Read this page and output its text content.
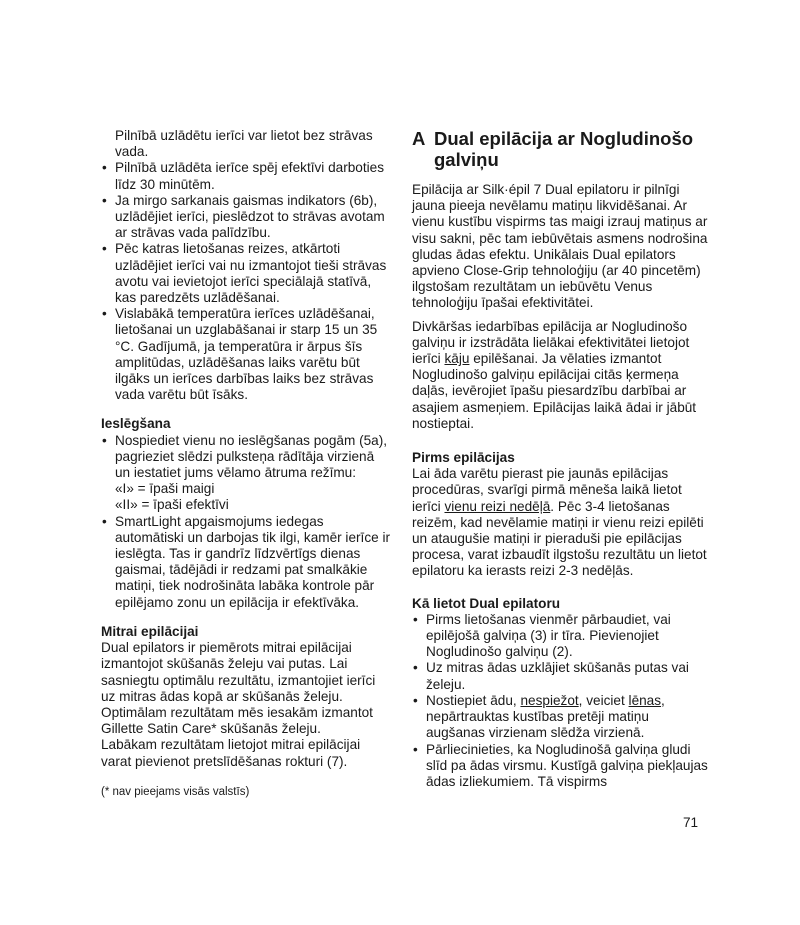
Pilnībā uzlādētu ierīci var lietot bez strāvas vada.

• Pilnībā uzlādēta ierīce spēj efektīvi darboties līdz 30 minūtēm.
• Ja mirgo sarkanais gaismas indikators (6b), uzlādējiet ierīci, pieslēdzot to strāvas avotam ar strāvas vada palīdzību.
• Pēc katras lietošanas reizes, atkārtoti uzlādējiet ierīci vai nu izmantojot tieši strāvas avotu vai ievietojot ierīci speciālajā statīvā, kas paredzēts uzlādēšanai.
• Vislabākā temperatūra ierīces uzlādēšanai, lietošanai un uzglabāšanai ir starp 15 un 35 °C. Gadījumā, ja temperatūra ir ārpus šīs amplitūdas, uzlādēšanas laiks varētu būt ilgāks un ierīces darbības laiks bez strāvas vada varētu būt īsāks.

Ieslēgšana

• Nospiediet vienu no ieslēgšanas pogām (5a), pagrieziet slēdzi pulksteņa rādītāja virzienā un iestatiet jums vēlamo ātruma režīmu:
«I» = īpaši maigi
«II» = īpaši efektīvi
• SmartLight apgaismojums iedegas automātiski un darbojas tik ilgi, kamēr ierīce ir ieslēgta. Tas ir gandrīz līdzvērtīgs dienas gaismai, tādējādi ir redzami pat smalkākie matiņi, tiek nodrošināta labāka kontrole pār epilējamo zonu un epilācija ir efektīvāka.

Mitrai epilācijai

Dual epilators ir piemērots mitrai epilācijai izmantojot skūšanās želeju vai putas. Lai sasniegtu optimālu rezultātu, izmantojiet ierīci uz mitras ādas kopā ar skūšanās želeju. Optimālam rezultātam mēs iesakām izmantot Gillette Satin Care* skūšanās želeju.

Labākam rezultātam lietojot mitrai epilācijai varat pievienot pretslīdēšanas rokturi (7).

(* nav pieejams visās valstīs)

A Dual epilācija ar Nogludinošo
galviņu

Epilācija ar Silk·épil 7 Dual epilatoru ir pilnīgi jauna pieeja nevēlamu matiņu likvidēšanai. Ar vienu kustību vispirms tas maigi izrauj matiņus ar visu sakni, pēc tam iebūvētais asmens nodrošina gludas ādas efektu. Unikālais Dual epilators apvieno Close-Grip tehnoloģiju (ar 40 pincetēm) ilgstošam rezultātam un iebūvētu Venus tehnoloģiju īpašai efektivitātei.

Divkāršas iedarbības epilācija ar Nogludinošo galviņu ir izstrādāta lielākai efektivitātei lietojot ierīci kāju epilēšanai. Ja vēlaties izmantot Nogludinošo galviņu epilācijai citās ķermeņa daļās, ievērojiet īpašu piesardzību darbībai ar asajiem asmeņiem. Epilācijas laikā ādai ir jābūt nostieptai.

Pirms epilācijas

Lai āda varētu pierast pie jaunās epilācijas procedūras, svarīgi pirmā mēneša laikā lietot ierīci vienu reizi nedēļā. Pēc 3-4 lietošanas reizēm, kad nevēlamie matiņi ir vienu reizi epilēti un ataugušie matiņi ir pieraduši pie epilācijas procesa, varat izbaudīt ilgstošu rezultātu un lietot epilatoru ka ierasts reizi 2-3 nedēļās.

Kā lietot Dual epilatoru

• Pirms lietošanas vienmēr pārbaudiet, vai epilējošā galviņa (3) ir tīra. Pievienojiet Nogludinošo galviņu (2).
• Uz mitras ādas uzklājiet skūšanās putas vai želeju.
• Nostiepiet ādu, nespiežot, veiciet lēnas, nepārtrauktas kustības pretēji matiņu augšanas virzienam slēdža virzienā.
• Pārliecinieties, ka Nogludinošā galviņa gludi slīd pa ādas virsmu. Kustīgā galviņa piekļaujas ādas izliekumiem. Tā vispirms
71
